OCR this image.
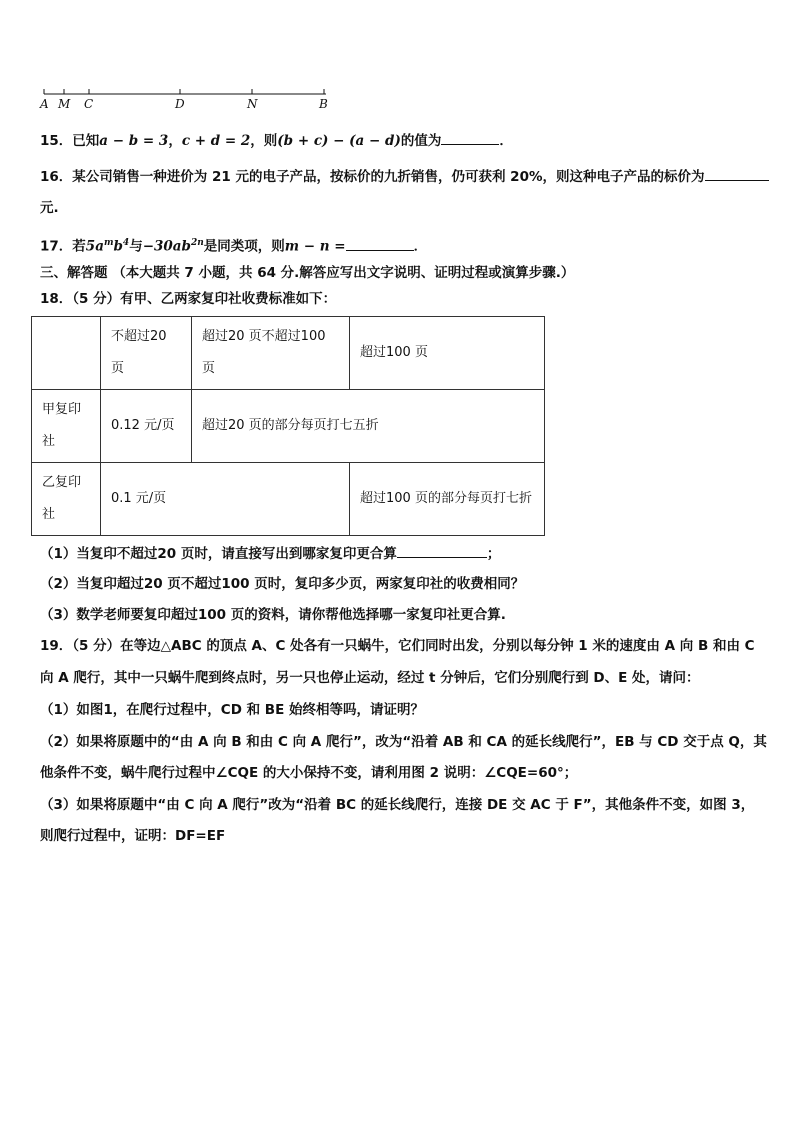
A M C	D	N	B
15．已知a − b = 3，c + d = 2，则(b + c) − (a − d)的值为	．
16．某公司销售一种进价为 21 元的电子产品，按标价的九折销售，仍可获利 20%，则这种电子产品的标价为
元.
17．若$5a^mb^4$与$-30ab^{2n}$是同类项，则m − n =	．
三、解答题 （本大题共 7 小题，共 64 分.解答应写出文字说明、证明过程或演算步骤.）
18．（5 分）有甲、乙两家复印社收费标准如下：
	不超过20 页	超过20 页不超过100 页	超过100 页
甲复印社	0.12 元/页	超过20 页的部分每页打七五折	
乙复印社	0.1 元/页		超过100 页的部分每页打七折
（1）当复印不超过20 页时，请直接写出到哪家复印更合算	；
（2）当复印超过20 页不超过100 页时，复印多少页，两家复印社的收费相同？
（3）数学老师要复印超过100 页的资料，请你帮他选择哪一家复印社更合算.
19．（5 分）在等边△ABC 的顶点 A、C 处各有一只蜗牛，它们同时出发，分别以每分钟 1 米的速度由 A 向 B 和由 C
向 A 爬行，其中一只蜗牛爬到终点时，另一只也停止运动，经过 t 分钟后，它们分别爬行到 D、E 处，请问：
（1）如图1，在爬行过程中，CD 和 BE 始终相等吗，请证明？
（2）如果将原题中的“由 A 向 B 和由 C 向 A 爬行”，改为“沿着 AB 和 CA 的延长线爬行”，EB 与 CD 交于点 Q，其
他条件不变，蜗牛爬行过程中∠CQE 的大小保持不变，请利用图 2 说明：∠CQE=60°；
（3）如果将原题中“由 C 向 A 爬行”改为“沿着 BC 的延长线爬行，连接 DE 交 AC 于 F”，其他条件不变，如图 3，
则爬行过程中，证明：DF=EF
